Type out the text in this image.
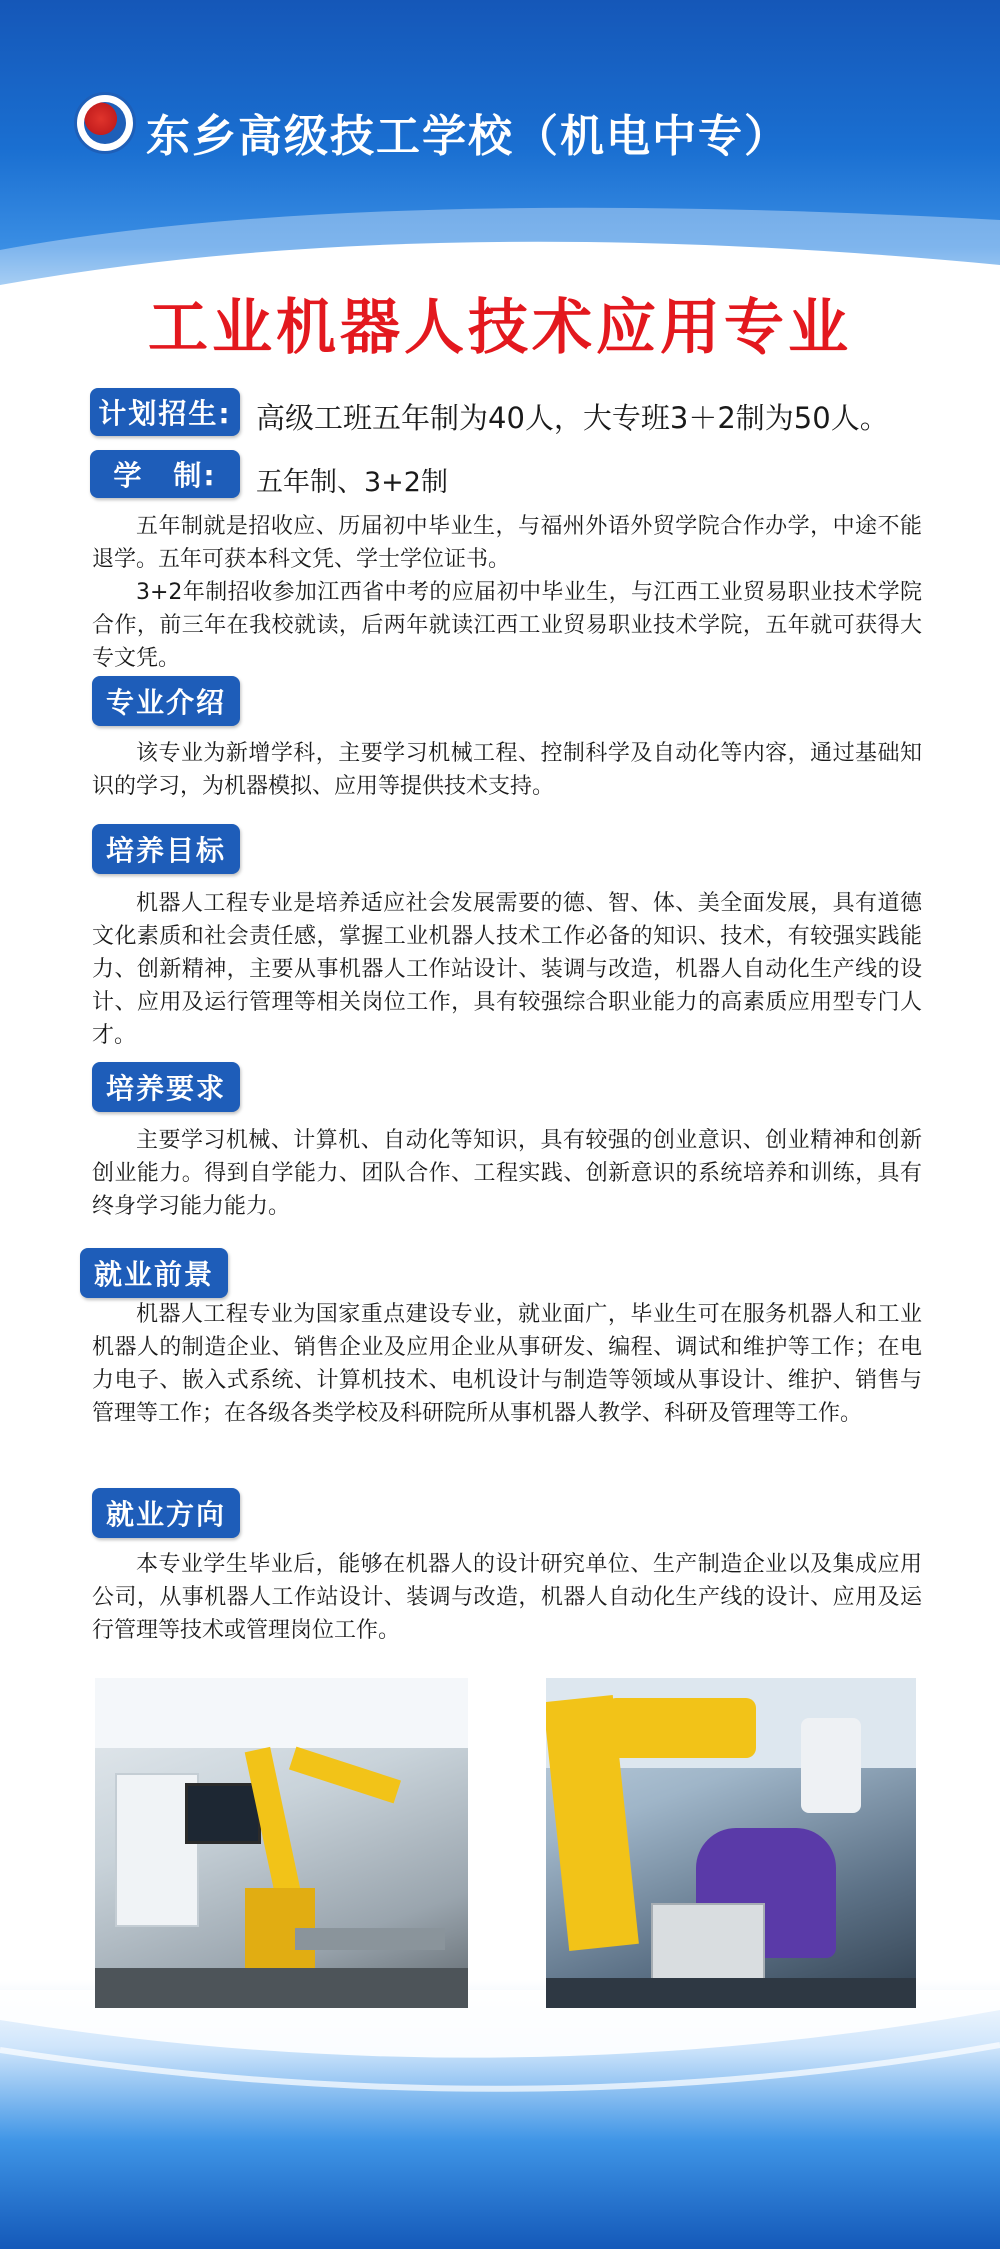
东乡高级技工学校（机电中专）
工业机器人技术应用专业
计划招生: 高级工班五年制为40人，大专班3＋2制为50人。
学　制:	五年制、3+2制

五年制就是招收应、历届初中毕业生，与福州外语外贸学院合作办学，中途不能退学。五年可获本科文凭、学士学位证书。

3+2年制招收参加江西省中考的应届初中毕业生，与江西工业贸易职业技术学院合作，前三年在我校就读，后两年就读江西工业贸易职业技术学院，五年就可获得大专文凭。

专业介绍

该专业为新增学科，主要学习机械工程、控制科学及自动化等内容，通过基础知识的学习，为机器模拟、应用等提供技术支持。

培养目标

机器人工程专业是培养适应社会发展需要的德、智、体、美全面发展，具有道德文化素质和社会责任感，掌握工业机器人技术工作必备的知识、技术，有较强实践能力、创新精神，主要从事机器人工作站设计、装调与改造，机器人自动化生产线的设计、应用及运行管理等相关岗位工作，具有较强综合职业能力的高素质应用型专门人才。

培养要求

主要学习机械、计算机、自动化等知识，具有较强的创业意识、创业精神和创新创业能力。得到自学能力、团队合作、工程实践、创新意识的系统培养和训练，具有终身学习能力能力。

就业前景

机器人工程专业为国家重点建设专业，就业面广，毕业生可在服务机器人和工业机器人的制造企业、销售企业及应用企业从事研发、编程、调试和维护等工作；在电力电子、嵌入式系统、计算机技术、电机设计与制造等领域从事设计、维护、销售与管理等工作；在各级各类学校及科研院所从事机器人教学、科研及管理等工作。

就业方向

本专业学生毕业后，能够在机器人的设计研究单位、生产制造企业以及集成应用公司，从事机器人工作站设计、装调与改造，机器人自动化生产线的设计、应用及运行管理等技术或管理岗位工作。
